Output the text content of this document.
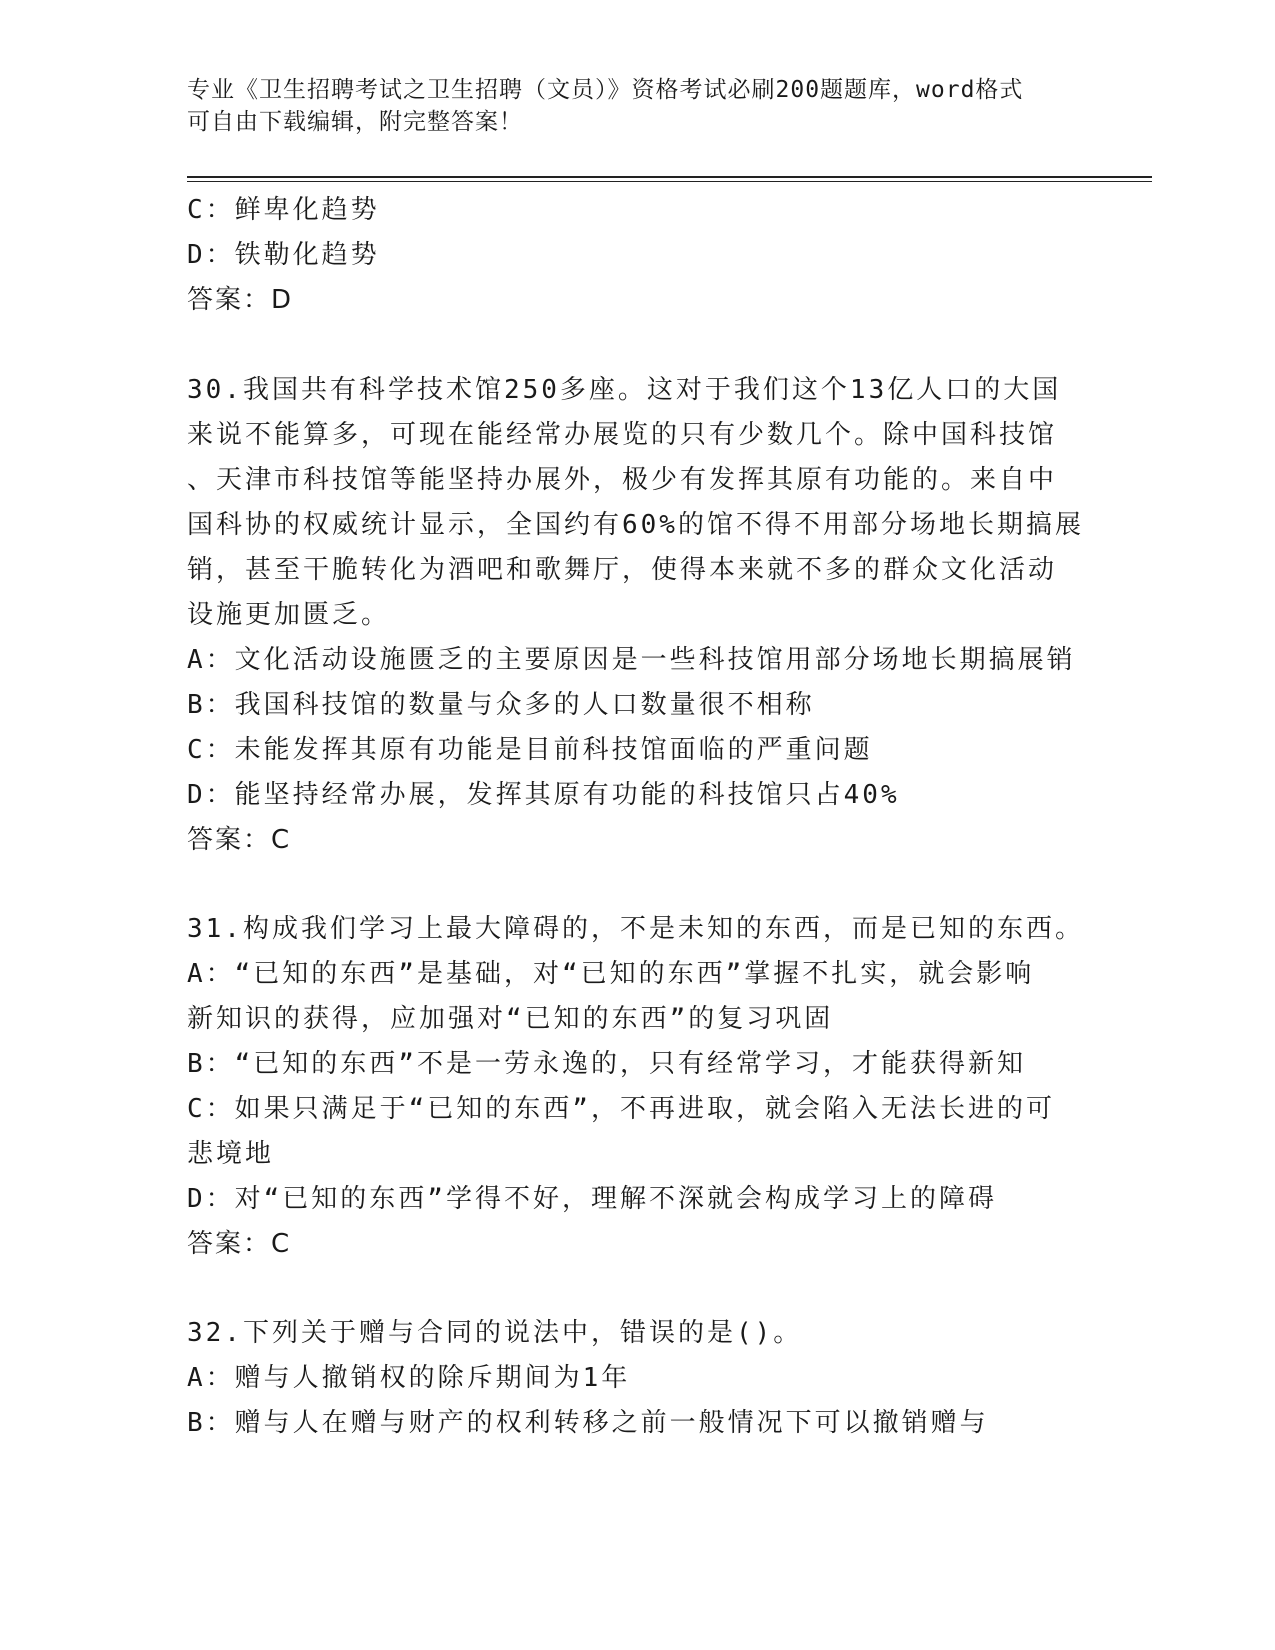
专业《卫生招聘考试之卫生招聘（文员）》资格考试必刷200题题库，word格式
可自由下载编辑，附完整答案！
C：鲜卑化趋势
D：铁勒化趋势
答案：D
30.我国共有科学技术馆250多座。这对于我们这个13亿人口的大国
来说不能算多，可现在能经常办展览的只有少数几个。除中国科技馆
、天津市科技馆等能坚持办展外，极少有发挥其原有功能的。来自中
国科协的权威统计显示，全国约有60%的馆不得不用部分场地长期搞展
销，甚至干脆转化为酒吧和歌舞厅，使得本来就不多的群众文化活动
设施更加匮乏。
A：文化活动设施匮乏的主要原因是一些科技馆用部分场地长期搞展销
B：我国科技馆的数量与众多的人口数量很不相称
C：未能发挥其原有功能是目前科技馆面临的严重问题
D：能坚持经常办展，发挥其原有功能的科技馆只占40%
答案：C
31.构成我们学习上最大障碍的，不是未知的东西，而是已知的东西。
A：“已知的东西”是基础，对“已知的东西”掌握不扎实，就会影响
新知识的获得，应加强对“已知的东西”的复习巩固
B：“已知的东西”不是一劳永逸的，只有经常学习，才能获得新知
C：如果只满足于“已知的东西”，不再进取，就会陷入无法长进的可
悲境地
D：对“已知的东西”学得不好，理解不深就会构成学习上的障碍
答案：C
32.下列关于赠与合同的说法中，错误的是()。
A：赠与人撤销权的除斥期间为1年
B：赠与人在赠与财产的权利转移之前一般情况下可以撤销赠与
